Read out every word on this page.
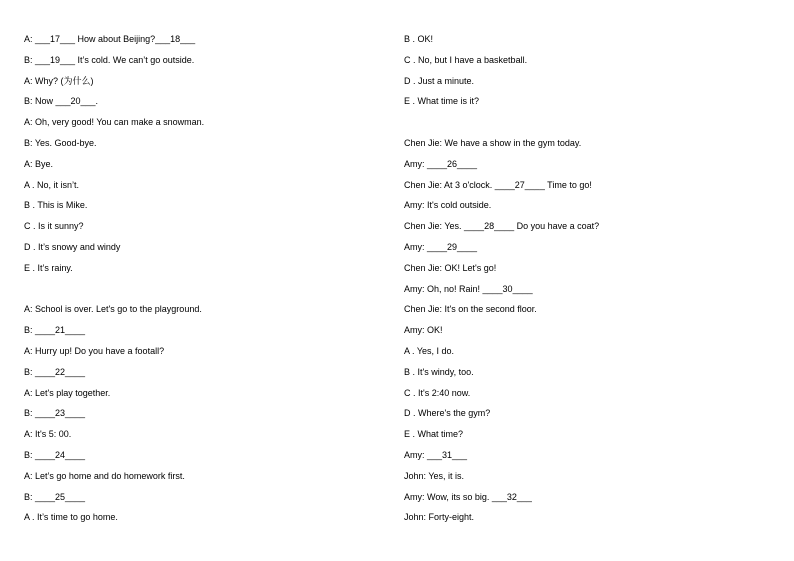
A: ___17___ How about Beijing?___18___
B: ___19___ It’s cold. We can’t go outside.
A: Why? (为什么)
B: Now ___20___.
A: Oh, very good! You can make a snowman.
B: Yes. Good-bye.
A: Bye.
A . No, it isn’t.
B . This is Mike.
C . Is it sunny?
D . It’s snowy and windy
E . It’s rainy.
A: School is over. Let's go to the playground.
B: ____21____
A: Hurry up! Do you have a footall?
B: ____22____
A: Let's play together.
B: ____23____
A: It's 5: 00.
B: ____24____
A: Let’s go home and do homework first.
B: ____25____
A . It’s time to go home.
B . OK!
C . No, but I have a basketball.
D . Just a minute.
E . What time is it?
Chen Jie: We have a show in the gym today.
Amy: ____26____
Chen Jie: At 3 o'clock. ____27____ Time to go!
Amy: It's cold outside.
Chen Jie: Yes. ____28____ Do you have a coat?
Amy: ____29____
Chen Jie: OK! Let's go!
Amy: Oh, no! Rain! ____30____
Chen Jie: It's on the second floor.
Amy: OK!
A . Yes, I do.
B . It's windy, too.
C . It's 2:40 now.
D . Where's the gym?
E . What time?
Amy: ___31___
John: Yes, it is.
Amy: Wow, its so big. ___32___
John: Forty-eight.
